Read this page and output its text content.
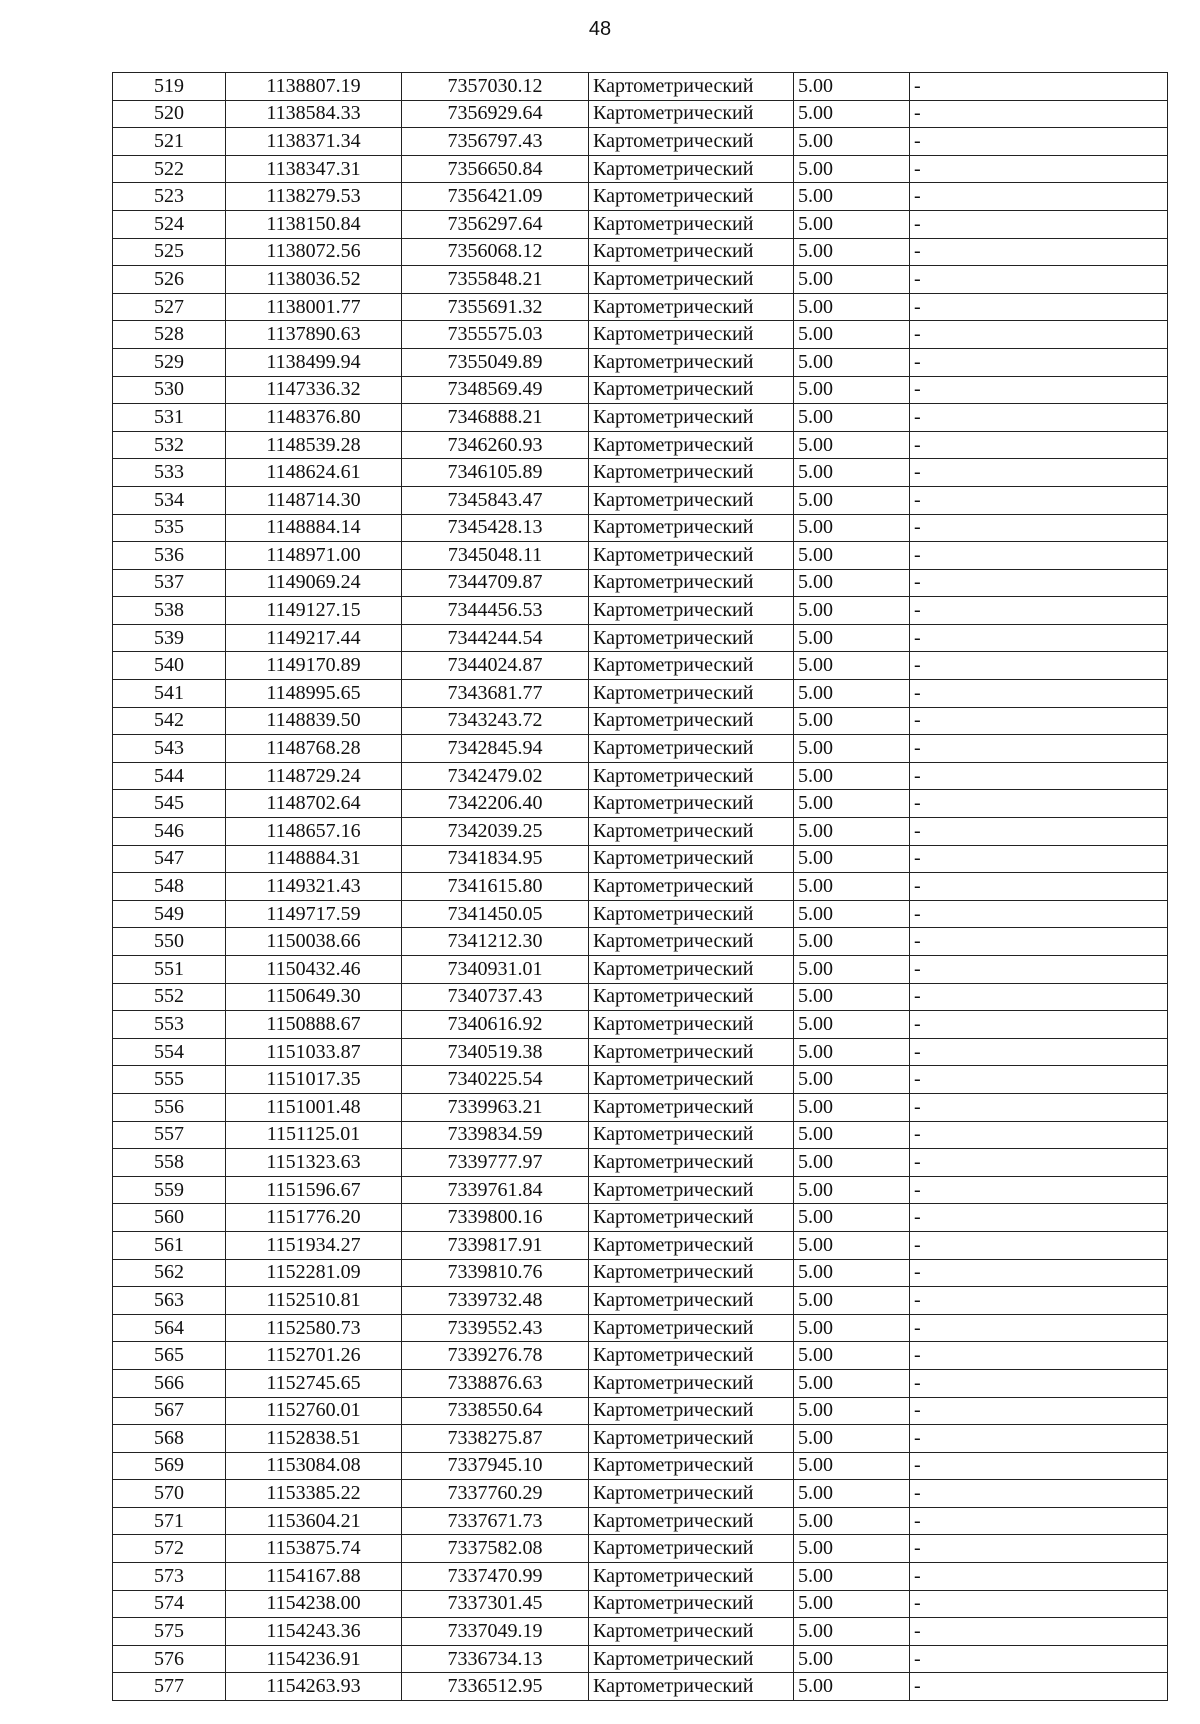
48
519	1138807.19	7357030.12	Картометрический	5.00	-
520	1138584.33	7356929.64	Картометрический	5.00	-
521	1138371.34	7356797.43	Картометрический	5.00	-
522	1138347.31	7356650.84	Картометрический	5.00	-
523	1138279.53	7356421.09	Картометрический	5.00	-
524	1138150.84	7356297.64	Картометрический	5.00	-
525	1138072.56	7356068.12	Картометрический	5.00	-
526	1138036.52	7355848.21	Картометрический	5.00	-
527	1138001.77	7355691.32	Картометрический	5.00	-
528	1137890.63	7355575.03	Картометрический	5.00	-
529	1138499.94	7355049.89	Картометрический	5.00	-
530	1147336.32	7348569.49	Картометрический	5.00	-
531	1148376.80	7346888.21	Картометрический	5.00	-
532	1148539.28	7346260.93	Картометрический	5.00	-
533	1148624.61	7346105.89	Картометрический	5.00	-
534	1148714.30	7345843.47	Картометрический	5.00	-
535	1148884.14	7345428.13	Картометрический	5.00	-
536	1148971.00	7345048.11	Картометрический	5.00	-
537	1149069.24	7344709.87	Картометрический	5.00	-
538	1149127.15	7344456.53	Картометрический	5.00	-
539	1149217.44	7344244.54	Картометрический	5.00	-
540	1149170.89	7344024.87	Картометрический	5.00	-
541	1148995.65	7343681.77	Картометрический	5.00	-
542	1148839.50	7343243.72	Картометрический	5.00	-
543	1148768.28	7342845.94	Картометрический	5.00	-
544	1148729.24	7342479.02	Картометрический	5.00	-
545	1148702.64	7342206.40	Картометрический	5.00	-
546	1148657.16	7342039.25	Картометрический	5.00	-
547	1148884.31	7341834.95	Картометрический	5.00	-
548	1149321.43	7341615.80	Картометрический	5.00	-
549	1149717.59	7341450.05	Картометрический	5.00	-
550	1150038.66	7341212.30	Картометрический	5.00	-
551	1150432.46	7340931.01	Картометрический	5.00	-
552	1150649.30	7340737.43	Картометрический	5.00	-
553	1150888.67	7340616.92	Картометрический	5.00	-
554	1151033.87	7340519.38	Картометрический	5.00	-
555	1151017.35	7340225.54	Картометрический	5.00	-
556	1151001.48	7339963.21	Картометрический	5.00	-
557	1151125.01	7339834.59	Картометрический	5.00	-
558	1151323.63	7339777.97	Картометрический	5.00	-
559	1151596.67	7339761.84	Картометрический	5.00	-
560	1151776.20	7339800.16	Картометрический	5.00	-
561	1151934.27	7339817.91	Картометрический	5.00	-
562	1152281.09	7339810.76	Картометрический	5.00	-
563	1152510.81	7339732.48	Картометрический	5.00	-
564	1152580.73	7339552.43	Картометрический	5.00	-
565	1152701.26	7339276.78	Картометрический	5.00	-
566	1152745.65	7338876.63	Картометрический	5.00	-
567	1152760.01	7338550.64	Картометрический	5.00	-
568	1152838.51	7338275.87	Картометрический	5.00	-
569	1153084.08	7337945.10	Картометрический	5.00	-
570	1153385.22	7337760.29	Картометрический	5.00	-
571	1153604.21	7337671.73	Картометрический	5.00	-
572	1153875.74	7337582.08	Картометрический	5.00	-
573	1154167.88	7337470.99	Картометрический	5.00	-
574	1154238.00	7337301.45	Картометрический	5.00	-
575	1154243.36	7337049.19	Картометрический	5.00	-
576	1154236.91	7336734.13	Картометрический	5.00	-
577	1154263.93	7336512.95	Картометрический	5.00	-
